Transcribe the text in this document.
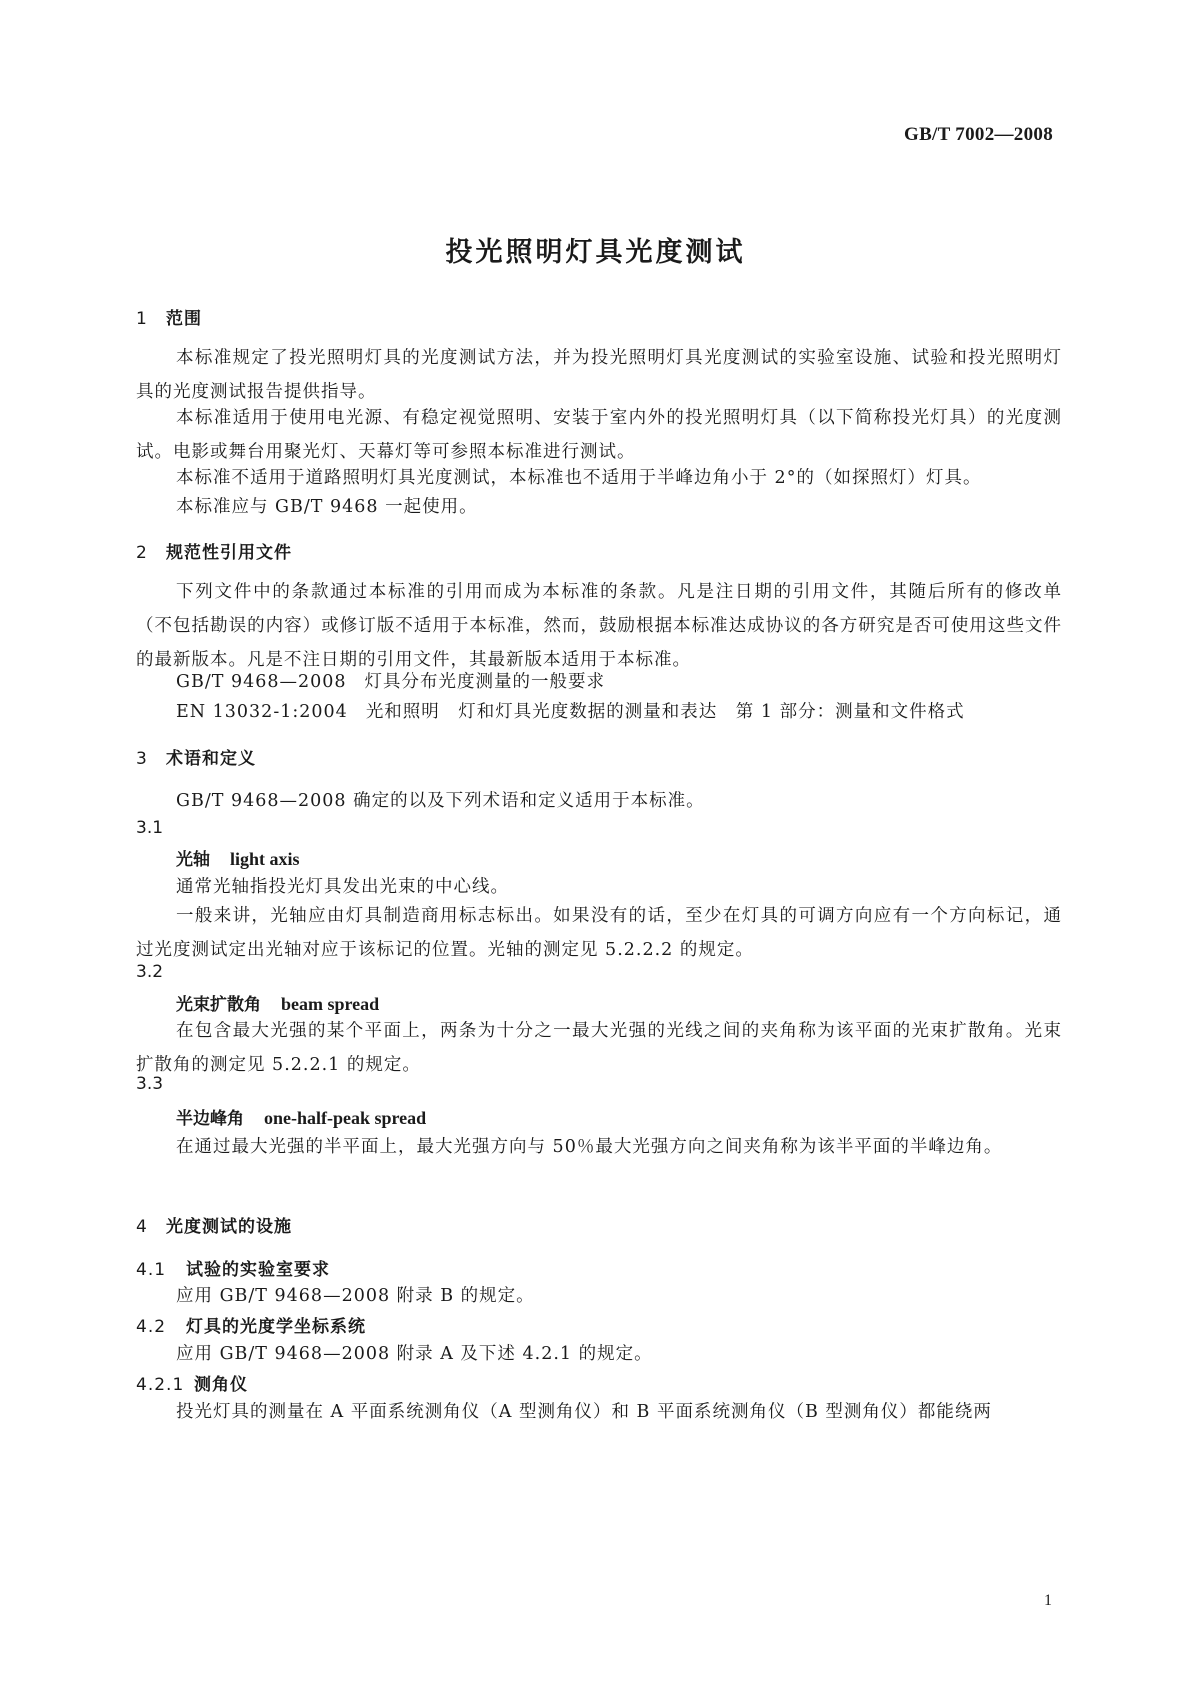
GB/T 7002—2008
投光照明灯具光度测试
1 范围
本标准规定了投光照明灯具的光度测试方法，并为投光照明灯具光度测试的实验室设施、试验和投光照明灯具的光度测试报告提供指导。
本标准适用于使用电光源、有稳定视觉照明、安装于室内外的投光照明灯具（以下简称投光灯具）的光度测试。电影或舞台用聚光灯、天幕灯等可参照本标准进行测试。
本标准不适用于道路照明灯具光度测试，本标准也不适用于半峰边角小于 2°的（如探照灯）灯具。
本标准应与 GB/T 9468 一起使用。
2 规范性引用文件
下列文件中的条款通过本标准的引用而成为本标准的条款。凡是注日期的引用文件，其随后所有的修改单（不包括勘误的内容）或修订版不适用于本标准，然而，鼓励根据本标准达成协议的各方研究是否可使用这些文件的最新版本。凡是不注日期的引用文件，其最新版本适用于本标准。
GB/T 9468—2008 灯具分布光度测量的一般要求
EN 13032-1:2004 光和照明　灯和灯具光度数据的测量和表达　第 1 部分：测量和文件格式
3 术语和定义
GB/T 9468—2008 确定的以及下列术语和定义适用于本标准。
3.1
光轴 light axis
通常光轴指投光灯具发出光束的中心线。
一般来讲，光轴应由灯具制造商用标志标出。如果没有的话，至少在灯具的可调方向应有一个方向标记，通过光度测试定出光轴对应于该标记的位置。光轴的测定见 5.2.2.2 的规定。
3.2
光束扩散角 beam spread
在包含最大光强的某个平面上，两条为十分之一最大光强的光线之间的夹角称为该平面的光束扩散角。光束扩散角的测定见 5.2.2.1 的规定。
3.3
半边峰角 one-half-peak spread
在通过最大光强的半平面上，最大光强方向与 50％最大光强方向之间夹角称为该半平面的半峰边角。
4 光度测试的设施
4.1 试验的实验室要求
应用 GB/T 9468—2008 附录 B 的规定。
4.2 灯具的光度学坐标系统
应用 GB/T 9468—2008 附录 A 及下述 4.2.1 的规定。
4.2.1 测角仪
投光灯具的测量在 A 平面系统测角仪（A 型测角仪）和 B 平面系统测角仪（B 型测角仪）都能绕两
1
